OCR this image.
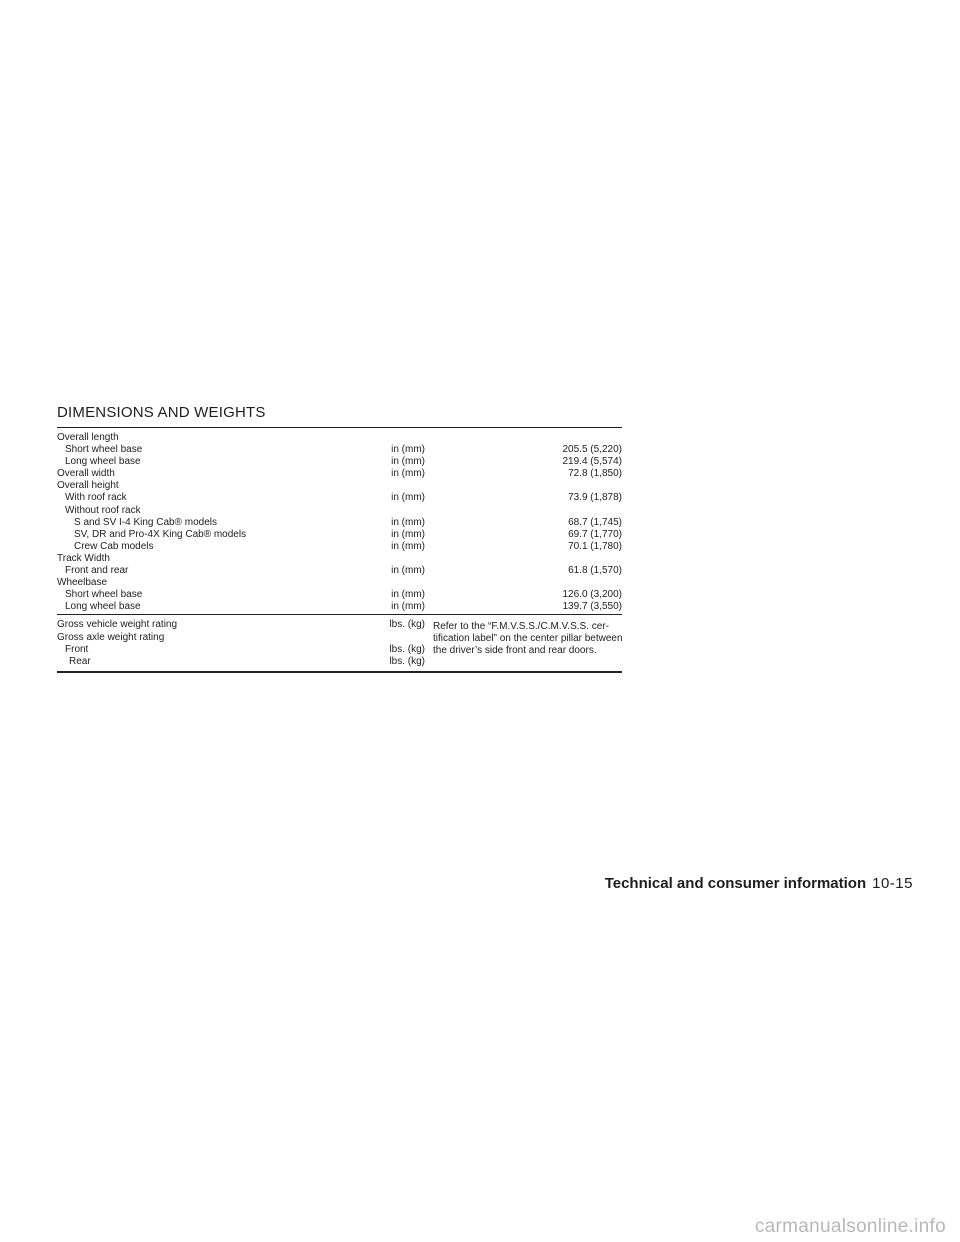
DIMENSIONS AND WEIGHTS
Overall length
Short wheel base	in (mm)	205.5 (5,220)
Long wheel base	in (mm)	219.4 (5,574)
Overall width	in (mm)	72.8 (1,850)
Overall height
With roof rack	in (mm)	73.9 (1,878)
Without roof rack
S and SV I-4 King Cab® models	in (mm)	68.7 (1,745)
SV, DR and Pro-4X King Cab® models	in (mm)	69.7 (1,770)
Crew Cab models	in (mm)	70.1 (1,780)
Track Width
Front and rear	in (mm)	61.8 (1,570)
Wheelbase
Short wheel base	in (mm)	126.0 (3,200)
Long wheel base	in (mm)	139.7 (3,550)
Gross vehicle weight rating	lbs. (kg)
Gross axle weight rating
Front	lbs. (kg)
Rear	lbs. (kg)
Refer to the “F.M.V.S.S./C.M.V.S.S. cer-tification label” on the center pillar between the driver’s side front and rear doors.
Technical and consumer information 10-15
carmanualsonline.info
